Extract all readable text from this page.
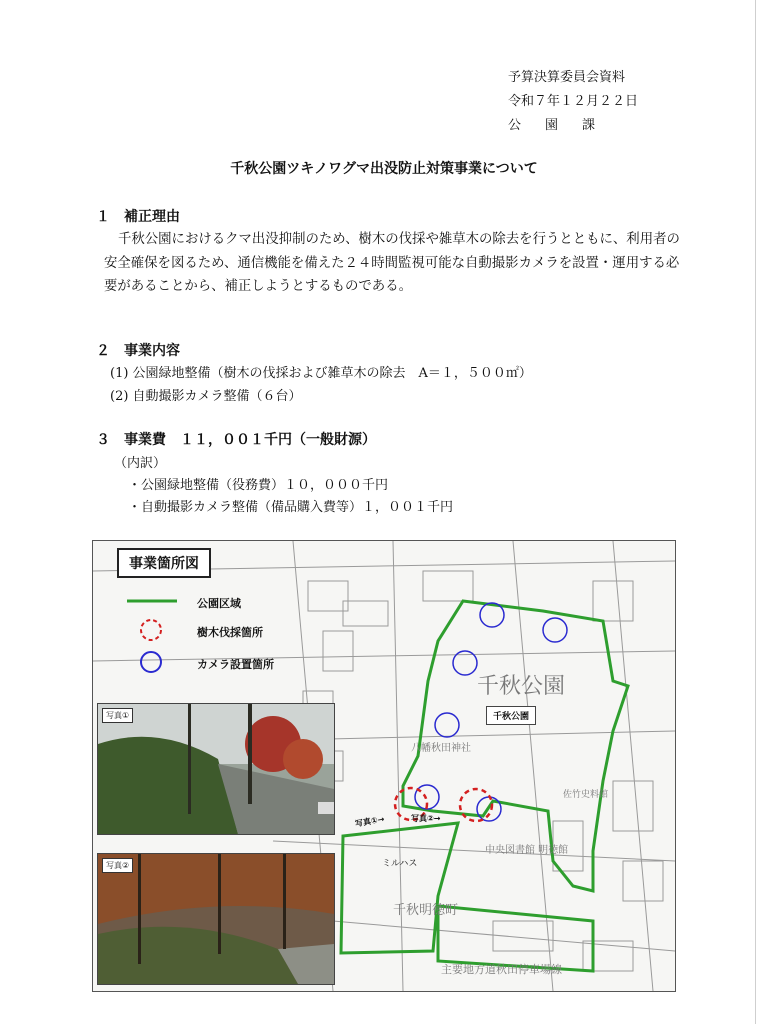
予算決算委員会資料
令和７年１２月２２日
公園課
千秋公園ツキノワグマ出没防止対策事業について
１ 補正理由
千秋公園におけるクマ出没抑制のため、樹木の伐採や雑草木の除去を行うとともに、利用者の安全確保を図るため、通信機能を備えた２４時間監視可能な自動撮影カメラを設置・運用する必要があることから、補正しようとするものである。
２ 事業内容
(1) 公園緑地整備（樹木の伐採および雑草木の除去　A＝１，５００㎡）
(2) 自動撮影カメラ整備（６台）
３ 事業費　１１，００１千円（一般財源）
（内訳）
・公園緑地整備（役務費）１０，０００千円
・自動撮影カメラ整備（備品購入費等）１，００１千円
千秋公園
八幡秋田神社
中央図書館 明徳館
千秋明徳町
佐竹史料館
主要地方道秋田停車場線
事業箇所図
公園区域
樹木伐採箇所
カメラ設置箇所
千秋公園
ミルハス
写真①→	写真②→
写真①
写真②
